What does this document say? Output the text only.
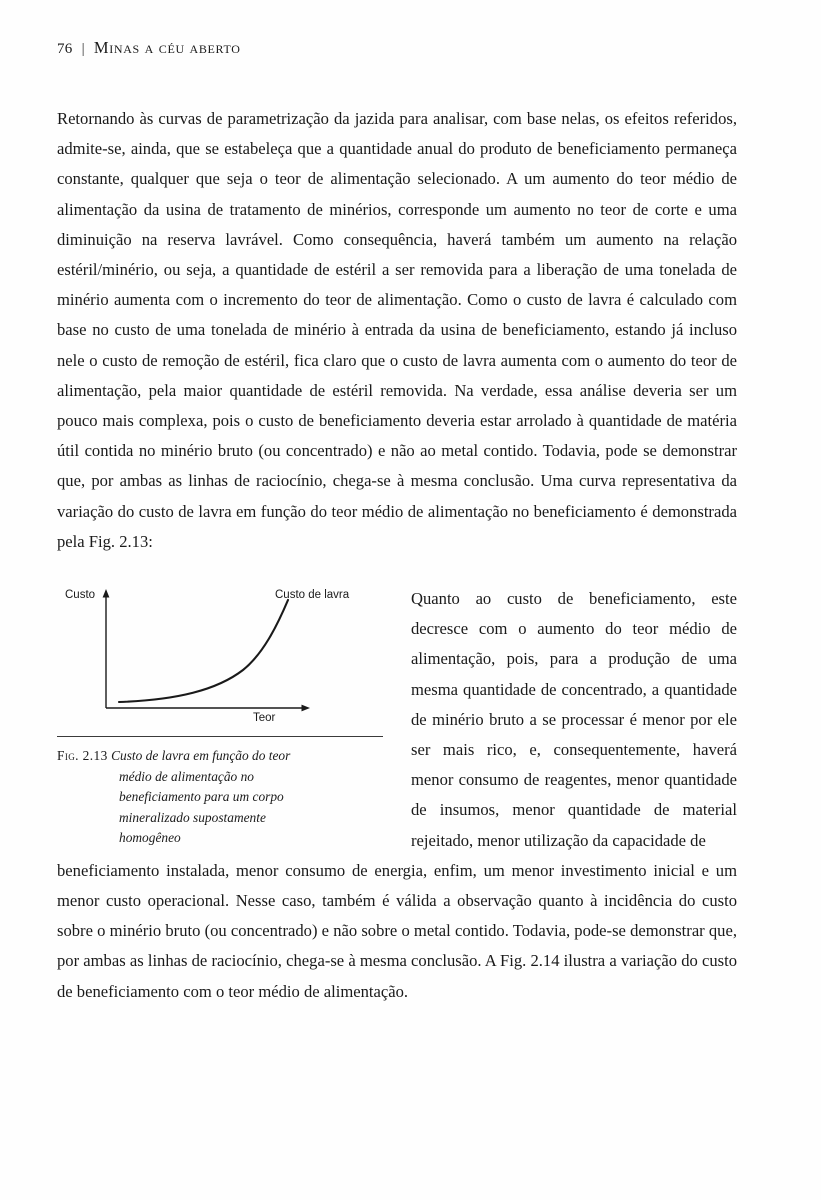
76 | Minas a céu aberto

Retornando às curvas de parametrização da jazida para analisar, com base nelas, os efeitos referidos, admite-se, ainda, que se estabeleça que a quantidade anual do produto de beneficiamento permaneça constante, qualquer que seja o teor de alimentação selecionado. A um aumento do teor médio de alimentação da usina de tratamento de minérios, corresponde um aumento no teor de corte e uma diminuição na reserva lavrável. Como consequência, haverá também um aumento na relação estéril/minério, ou seja, a quantidade de estéril a ser removida para a liberação de uma tonelada de minério aumenta com o incremento do teor de alimentação. Como o custo de lavra é calculado com base no custo de uma tonelada de minério à entrada da usina de beneficiamento, estando já incluso nele o custo de remoção de estéril, fica claro que o custo de lavra aumenta com o aumento do teor de alimentação, pela maior quantidade de estéril removida. Na verdade, essa análise deveria ser um pouco mais complexa, pois o custo de beneficiamento deveria estar arrolado à quantidade de matéria útil contida no minério bruto (ou concentrado) e não ao metal contido. Todavia, pode se demonstrar que, por ambas as linhas de raciocínio, chega-se à mesma conclusão. Uma curva representativa da variação do custo de lavra em função do teor médio de alimentação no beneficiamento é demonstrada pela Fig. 2.13:

Custo
Teor
Custo de lavra
Fig. 2.13 Custo de lavra em função do teor
médio de alimentação no
beneficiamento para um corpo
mineralizado supostamente
homogêneo

Quanto ao custo de beneficiamento, este decresce com o aumento do teor médio de alimentação, pois, para a produção de uma mesma quantidade de concentrado, a quantidade de minério bruto a se processar é menor por ele ser mais rico, e, consequentemente, haverá menor consumo de reagentes, menor quantidade de insumos, menor quantidade de material rejeitado, menor utilização da capacidade de

beneficiamento instalada, menor consumo de energia, enfim, um menor investimento inicial e um menor custo operacional. Nesse caso, também é válida a observação quanto à incidência do custo sobre o minério bruto (ou concentrado) e não sobre o metal contido. Todavia, pode-se demonstrar que, por ambas as linhas de raciocínio, chega-se à mesma conclusão. A Fig. 2.14 ilustra a variação do custo de beneficiamento com o teor médio de alimentação.
